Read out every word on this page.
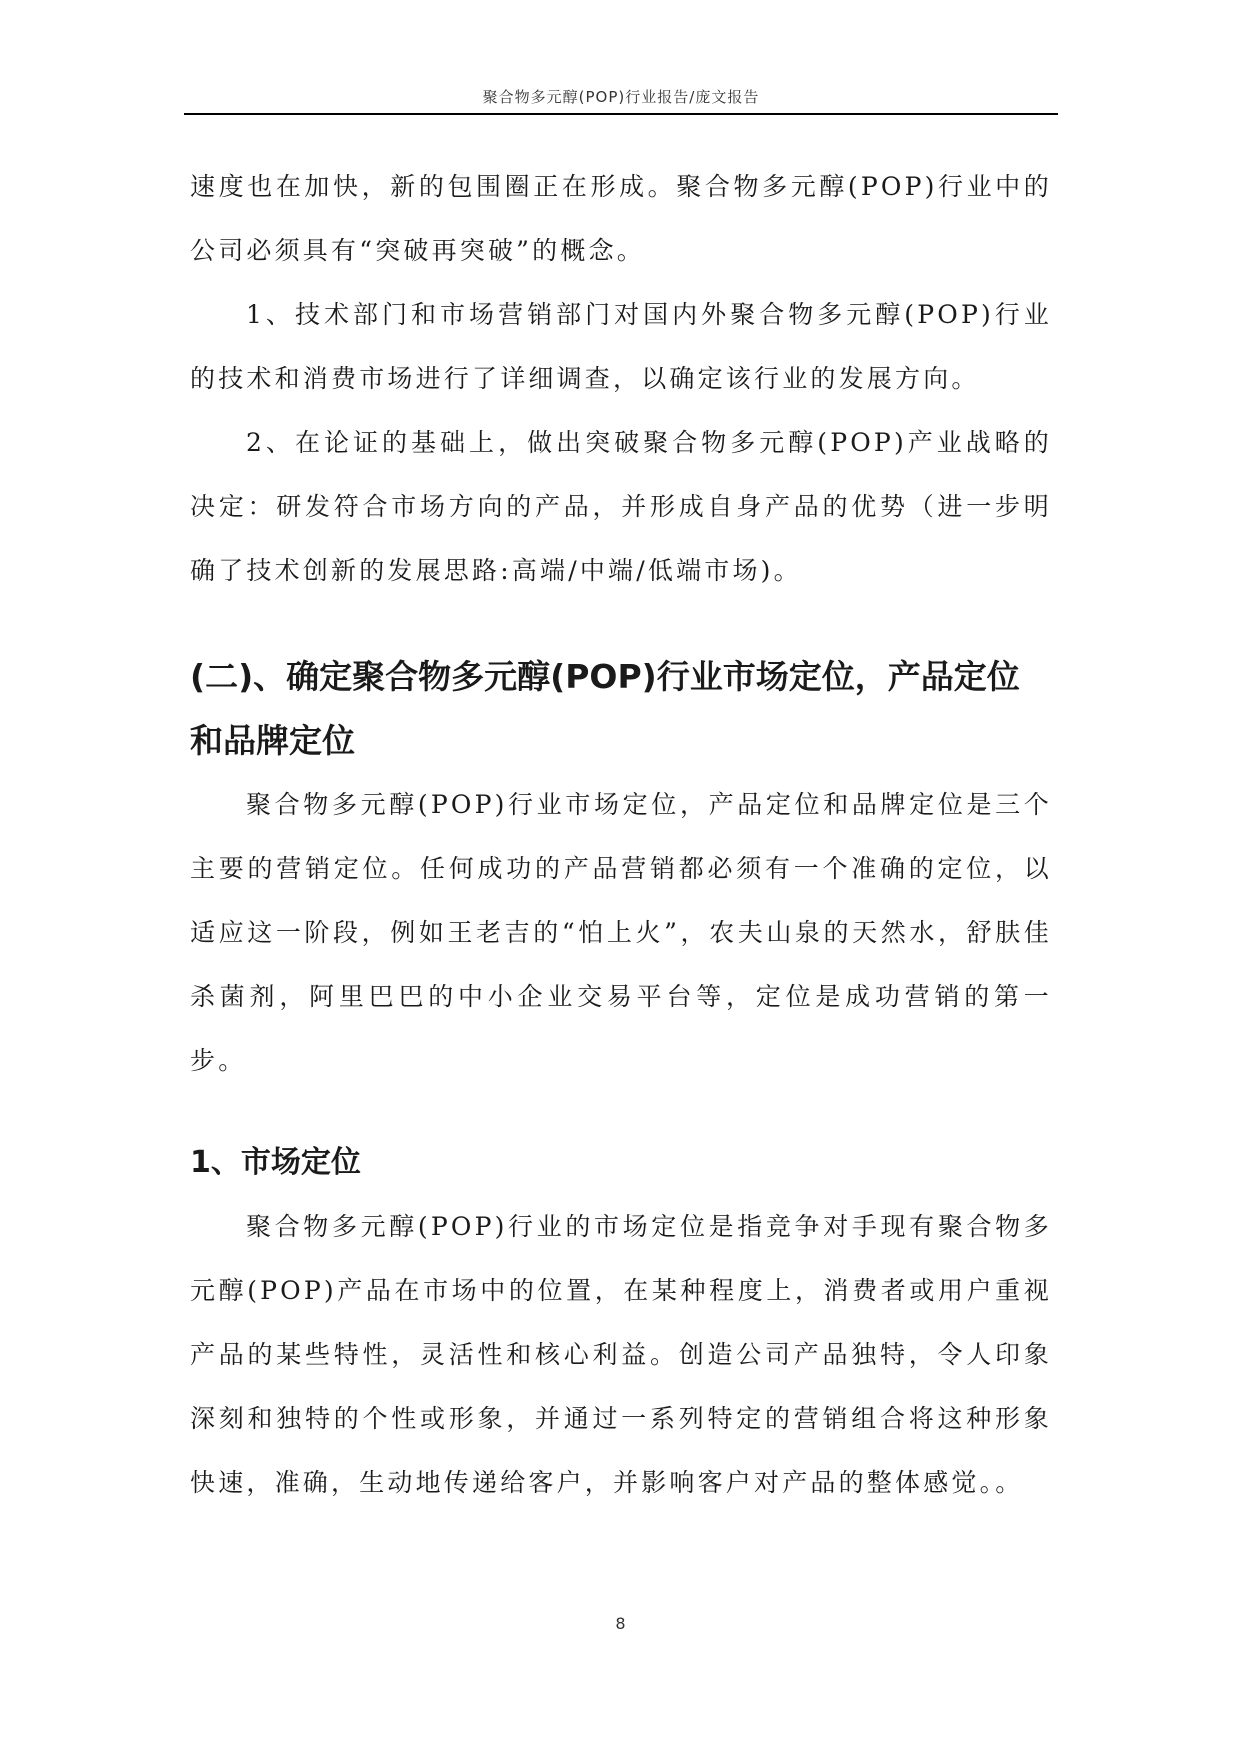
聚合物多元醇(POP)行业报告/庞文报告

速度也在加快，新的包围圈正在形成。聚合物多元醇(POP)行业中的公司必须具有“突破再突破”的概念。

1、技术部门和市场营销部门对国内外聚合物多元醇(POP)行业的技术和消费市场进行了详细调查，以确定该行业的发展方向。

2、在论证的基础上，做出突破聚合物多元醇(POP)产业战略的决定：研发符合市场方向的产品，并形成自身产品的优势（进一步明确了技术创新的发展思路:高端/中端/低端市场)。

(二)、确定聚合物多元醇(POP)行业市场定位，产品定位和品牌定位

聚合物多元醇(POP)行业市场定位，产品定位和品牌定位是三个主要的营销定位。任何成功的产品营销都必须有一个准确的定位，以适应这一阶段，例如王老吉的“怕上火”，农夫山泉的天然水，舒肤佳杀菌剂，阿里巴巴的中小企业交易平台等，定位是成功营销的第一步。

1、市场定位

聚合物多元醇(POP)行业的市场定位是指竞争对手现有聚合物多元醇(POP)产品在市场中的位置，在某种程度上，消费者或用户重视产品的某些特性，灵活性和核心利益。创造公司产品独特，令人印象深刻和独特的个性或形象，并通过一系列特定的营销组合将这种形象快速，准确，生动地传递给客户，并影响客户对产品的整体感觉。。

8
